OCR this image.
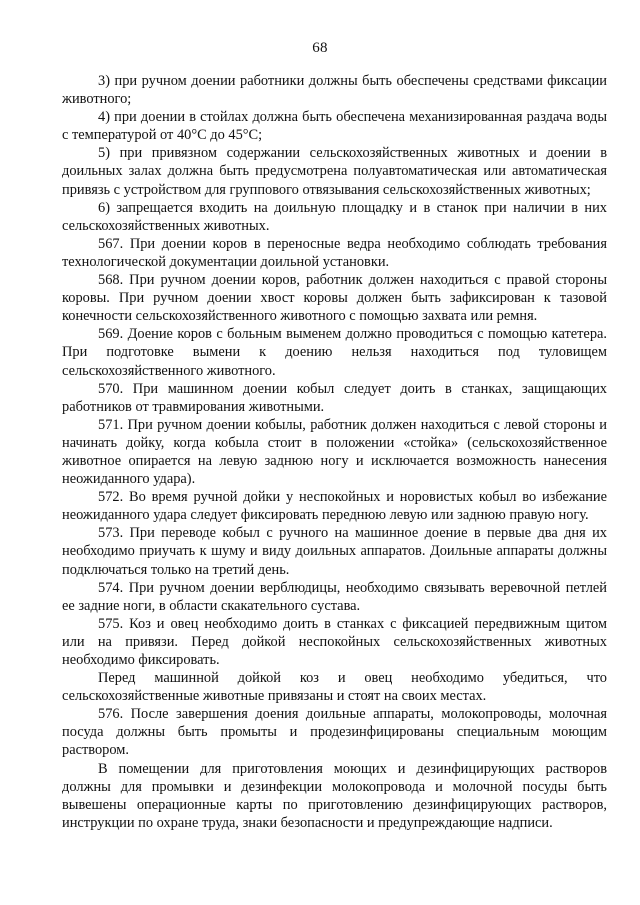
68

3) при ручном доении работники должны быть обеспечены средствами фиксации животного;

4) при доении в стойлах должна быть обеспечена механизированная раздача воды с температурой от 40°С до 45°С;

5) при привязном содержании сельскохозяйственных животных и доении в доильных залах должна быть предусмотрена полуавтоматическая или автоматическая привязь с устройством для группового отвязывания сельскохозяйственных животных;

6) запрещается входить на доильную площадку и в станок при наличии в них сельскохозяйственных животных.

567. При доении коров в переносные ведра необходимо соблюдать требования технологической документации доильной установки.

568. При ручном доении коров, работник должен находиться с правой стороны коровы. При ручном доении хвост коровы должен быть зафиксирован к тазовой конечности сельскохозяйственного животного с помощью захвата или ремня.

569. Доение коров с больным выменем должно проводиться с помощью катетера. При подготовке вымени к доению нельзя находиться под туловищем сельскохозяйственного животного.

570. При машинном доении кобыл следует доить в станках, защищающих работников от травмирования животными.

571. При ручном доении кобылы, работник должен находиться с левой стороны и начинать дойку, когда кобыла стоит в положении «стойка» (сельскохозяйственное животное опирается на левую заднюю ногу и исключается возможность нанесения неожиданного удара).

572. Во время ручной дойки у неспокойных и норовистых кобыл во избежание неожиданного удара следует фиксировать переднюю левую или заднюю правую ногу.

573. При переводе кобыл с ручного на машинное доение в первые два дня их необходимо приучать к шуму и виду доильных аппаратов. Доильные аппараты должны подключаться только на третий день.

574. При ручном доении верблюдицы, необходимо связывать веревочной петлей ее задние ноги, в области скакательного сустава.

575. Коз и овец необходимо доить в станках с фиксацией передвижным щитом или на привязи. Перед дойкой неспокойных сельскохозяйственных животных необходимо фиксировать.

Перед машинной дойкой коз и овец необходимо убедиться, что сельскохозяйственные животные привязаны и стоят на своих местах.

576. После завершения доения доильные аппараты, молокопроводы, молочная посуда должны быть промыты и продезинфицированы специальным моющим раствором.

В помещении для приготовления моющих и дезинфицирующих растворов должны для промывки и дезинфекции молокопровода и молочной посуды быть вывешены операционные карты по приготовлению дезинфицирующих растворов, инструкции по охране труда, знаки безопасности и предупреждающие надписи.
